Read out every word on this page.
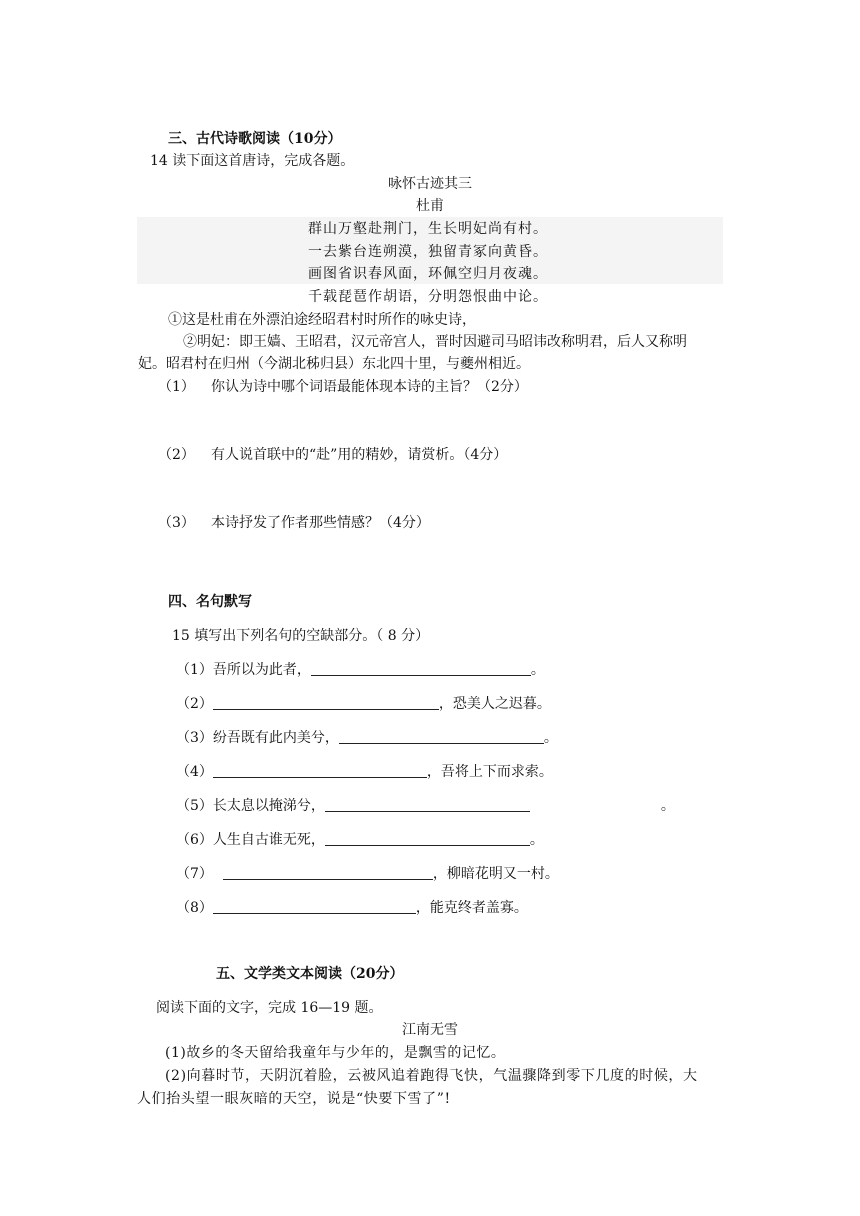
三、古代诗歌阅读（10分）
14 读下面这首唐诗，完成各题。
咏怀古迹其三
杜甫
群山万壑赴荆门，生长明妃尚有村。
一去紫台连朔漠，独留青冢向黄昏。
画图省识春风面，环佩空归月夜魂。
千载琵琶作胡语，分明怨恨曲中论。
①这是杜甫在外漂泊途经昭君村时所作的咏史诗，
②明妃：即王嫱、王昭君，汉元帝宫人，晋时因避司马昭讳改称明君，后人又称明
妃。昭君村在归州（今湖北秭归县）东北四十里，与夔州相近。
（1） 你认为诗中哪个词语最能体现本诗的主旨？（2分）
（2） 有人说首联中的“赴”用的精妙，请赏析。（4分）
（3） 本诗抒发了作者那些情感？（4分）
四、名句默写
15 填写出下列名句的空缺部分。（ 8 分）
（1）吾所以为此者，	。
（2）	，恐美人之迟暮。
（3）纷吾既有此内美兮，	。
（4）	，吾将上下而求索。
（5）长太息以掩涕兮，	。
（6）人生自古谁无死，	。
（7）	，柳暗花明又一村。
（8）	，能克终者盖寡。
五、文学类文本阅读（20分）
阅读下面的文字，完成 16—19 题。
江南无雪
(1)故乡的冬天留给我童年与少年的，是飘雪的记忆。
(2)向暮时节，天阴沉着脸，云被风追着跑得飞快，气温骤降到零下几度的时候，大
人们抬头望一眼灰暗的天空，说是“快要下雪了”!
